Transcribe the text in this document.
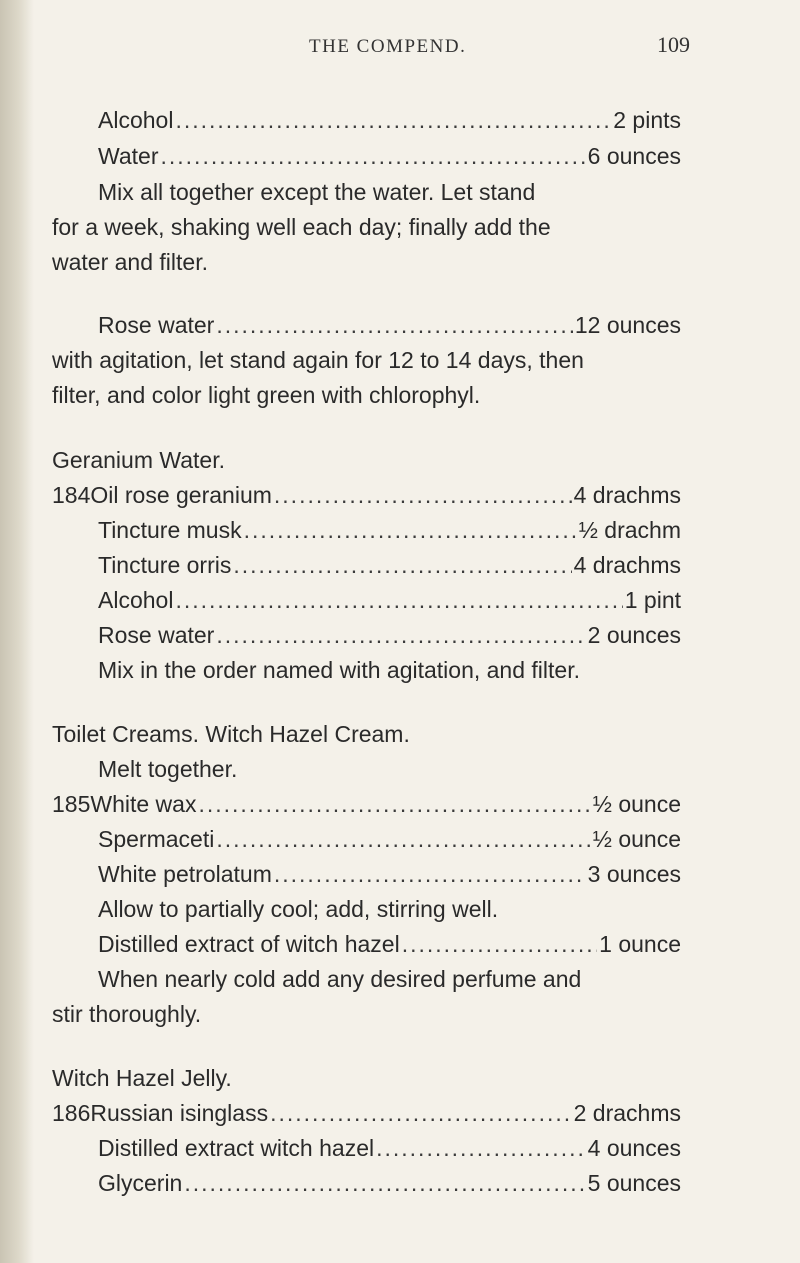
THE COMPEND.	109
Alcohol .....	2 pints
Water .....	6 ounces
Mix all together except the water. Let stand
for a week, shaking well each day; finally add the
water and filter.
Rose water .....	12 ounces
with agitation, let stand again for 12 to 14 days, then
filter, and color light green with chlorophyl.
Geranium Water.
184 Oil rose geranium .....	4 drachms
Tincture musk .....	½ drachm
Tincture orris .....	4 drachms
Alcohol .....	1 pint
Rose water .....	2 ounces
Mix in the order named with agitation, and filter.
Toilet Creams. Witch Hazel Cream.
Melt together.
185 White wax .....	½ ounce
Spermaceti .....	½ ounce
White petrolatum .....	3 ounces
Allow to partially cool; add, stirring well.
Distilled extract of witch hazel .....	1 ounce
When nearly cold add any desired perfume and
stir thoroughly.
Witch Hazel Jelly.
186 Russian isinglass .....	2 drachms
Distilled extract witch hazel .....	4 ounces
Glycerin .....	5 ounces
